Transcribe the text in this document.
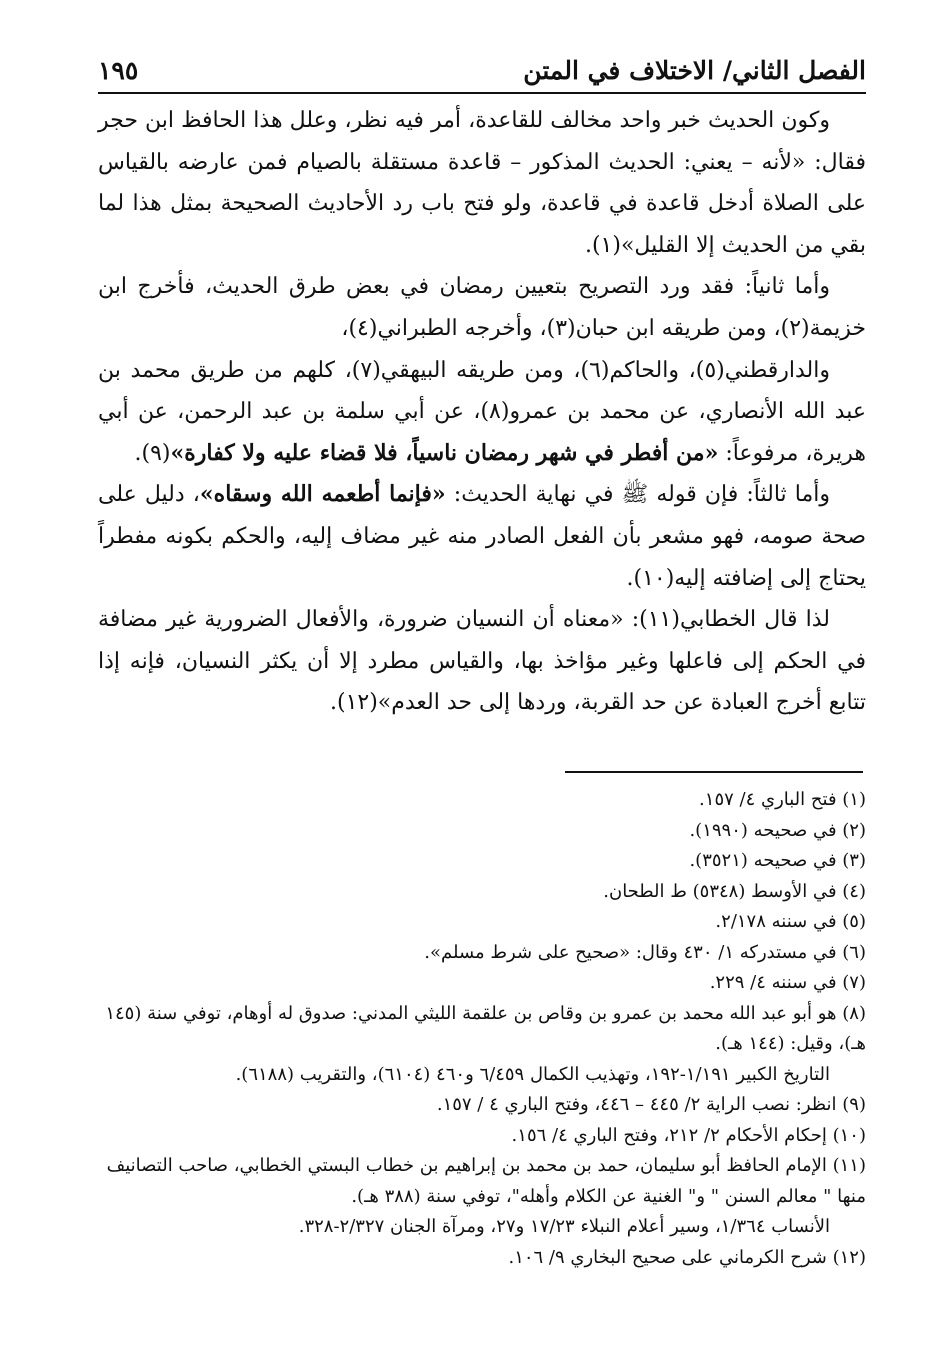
الفصل الثاني/ الاختلاف في المتن
١٩٥

وكون الحديث خبر واحد مخالف للقاعدة، أمر فيه نظر، وعلل هذا الحافظ ابن حجر فقال: «لأنه – يعني: الحديث المذكور – قاعدة مستقلة بالصيام فمن عارضه بالقياس على الصلاة أدخل قاعدة في قاعدة، ولو فتح باب رد الأحاديث الصحيحة بمثل هذا لما بقي من الحديث إلا القليل»(١).

وأما ثانياً: فقد ورد التصريح بتعيين رمضان في بعض طرق الحديث، فأخرج ابن خزيمة(٢)، ومن طريقه ابن حبان(٣)، وأخرجه الطبراني(٤)،

والدارقطني(٥)، والحاكم(٦)، ومن طريقه البيهقي(٧)، كلهم من طريق محمد بن عبد الله الأنصاري، عن محمد بن عمرو(٨)، عن أبي سلمة بن عبد الرحمن، عن أبي هريرة، مرفوعاً: «من أفطر في شهر رمضان ناسياً، فلا قضاء عليه ولا كفارة»(٩).

وأما ثالثاً: فإن قوله ﷺ في نهاية الحديث: «فإنما أطعمه الله وسقاه»، دليل على صحة صومه، فهو مشعر بأن الفعل الصادر منه غير مضاف إليه، والحكم بكونه مفطراً يحتاج إلى إضافته إليه(١٠).

لذا قال الخطابي(١١): «معناه أن النسيان ضرورة، والأفعال الضرورية غير مضافة في الحكم إلى فاعلها وغير مؤاخذ بها، والقياس مطرد إلا أن يكثر النسيان، فإنه إذا تتابع أخرج العبادة عن حد القربة، وردها إلى حد العدم»(١٢).

(١) فتح الباري ٤/ ١٥٧.
(٢) في صحيحه (١٩٩٠).
(٣) في صحيحه (٣٥٢١).
(٤) في الأوسط (٥٣٤٨) ط الطحان.
(٥) في سننه ٢/١٧٨.
(٦) في مستدركه ١/ ٤٣٠ وقال: «صحيح على شرط مسلم».
(٧) في سننه ٤/ ٢٢٩.
(٨) هو أبو عبد الله محمد بن عمرو بن وقاص بن علقمة الليثي المدني: صدوق له أوهام، توفي سنة (١٤٥ هـ)، وقيل: (١٤٤ هـ).
التاريخ الكبير ١/١٩١-١٩٢، وتهذيب الكمال ٦/٤٥٩ و٤٦٠ (٦١٠٤)، والتقريب (٦١٨٨).
(٩) انظر: نصب الراية ٢/ ٤٤٥ – ٤٤٦، وفتح الباري ٤ / ١٥٧.
(١٠) إحكام الأحكام ٢/ ٢١٢، وفتح الباري ٤/ ١٥٦.
(١١) الإمام الحافظ أبو سليمان، حمد بن محمد بن إبراهيم بن خطاب البستي الخطابي، صاحب التصانيف منها " معالم السنن " و" الغنية عن الكلام وأهله"، توفي سنة (٣٨٨ هـ).
الأنساب ١/٣٦٤، وسير أعلام النبلاء ١٧/٢٣ و٢٧، ومرآة الجنان ٢/٣٢٧-٣٢٨.
(١٢) شرح الكرماني على صحيح البخاري ٩/ ١٠٦.
